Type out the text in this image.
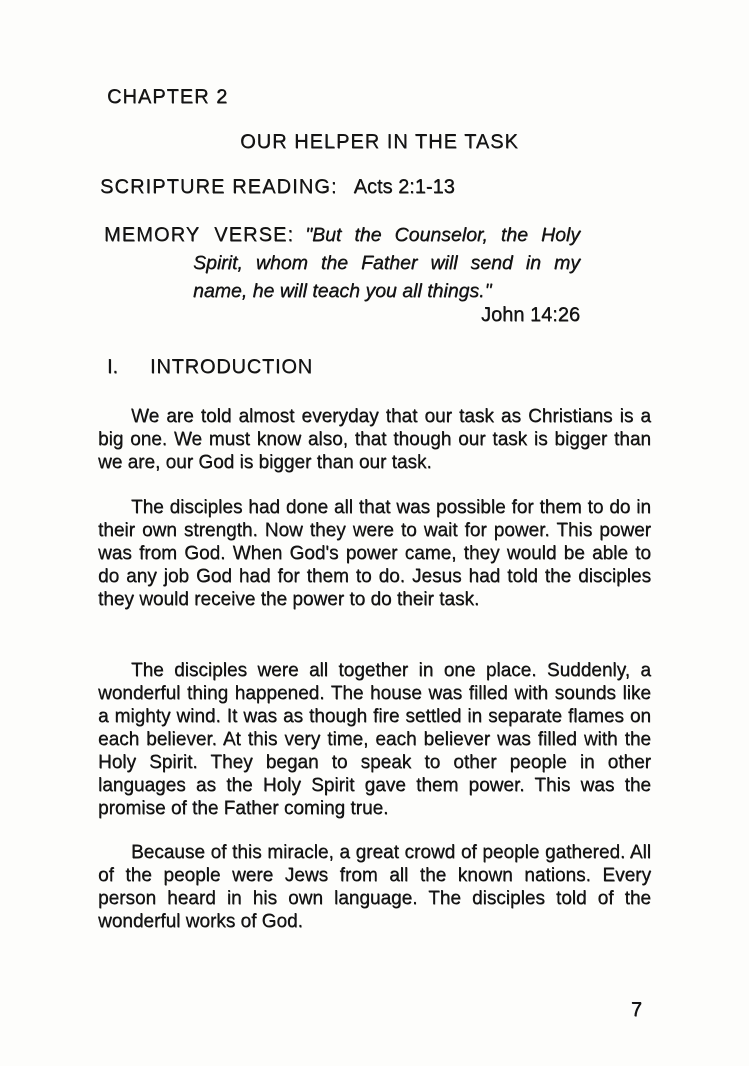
CHAPTER 2
OUR HELPER IN THE TASK
SCRIPTURE READING: Acts 2:1-13

MEMORY VERSE: "But the Counselor, the Holy Spirit, whom the Father will send in my name, he will teach you all things."

John 14:26
I. INTRODUCTION

We are told almost everyday that our task as Christians is a big one. We must know also, that though our task is bigger than we are, our God is bigger than our task.

The disciples had done all that was possible for them to do in their own strength. Now they were to wait for power. This power was from God. When God's power came, they would be able to do any job God had for them to do. Jesus had told the disciples they would receive the power to do their task.

The disciples were all together in one place. Suddenly, a wonderful thing happened. The house was filled with sounds like a mighty wind. It was as though fire settled in separate flames on each believer. At this very time, each believer was filled with the Holy Spirit. They began to speak to other people in other languages as the Holy Spirit gave them power. This was the promise of the Father coming true.

Because of this miracle, a great crowd of people gathered. All of the people were Jews from all the known nations. Every person heard in his own language. The disciples told of the wonderful works of God.

7
